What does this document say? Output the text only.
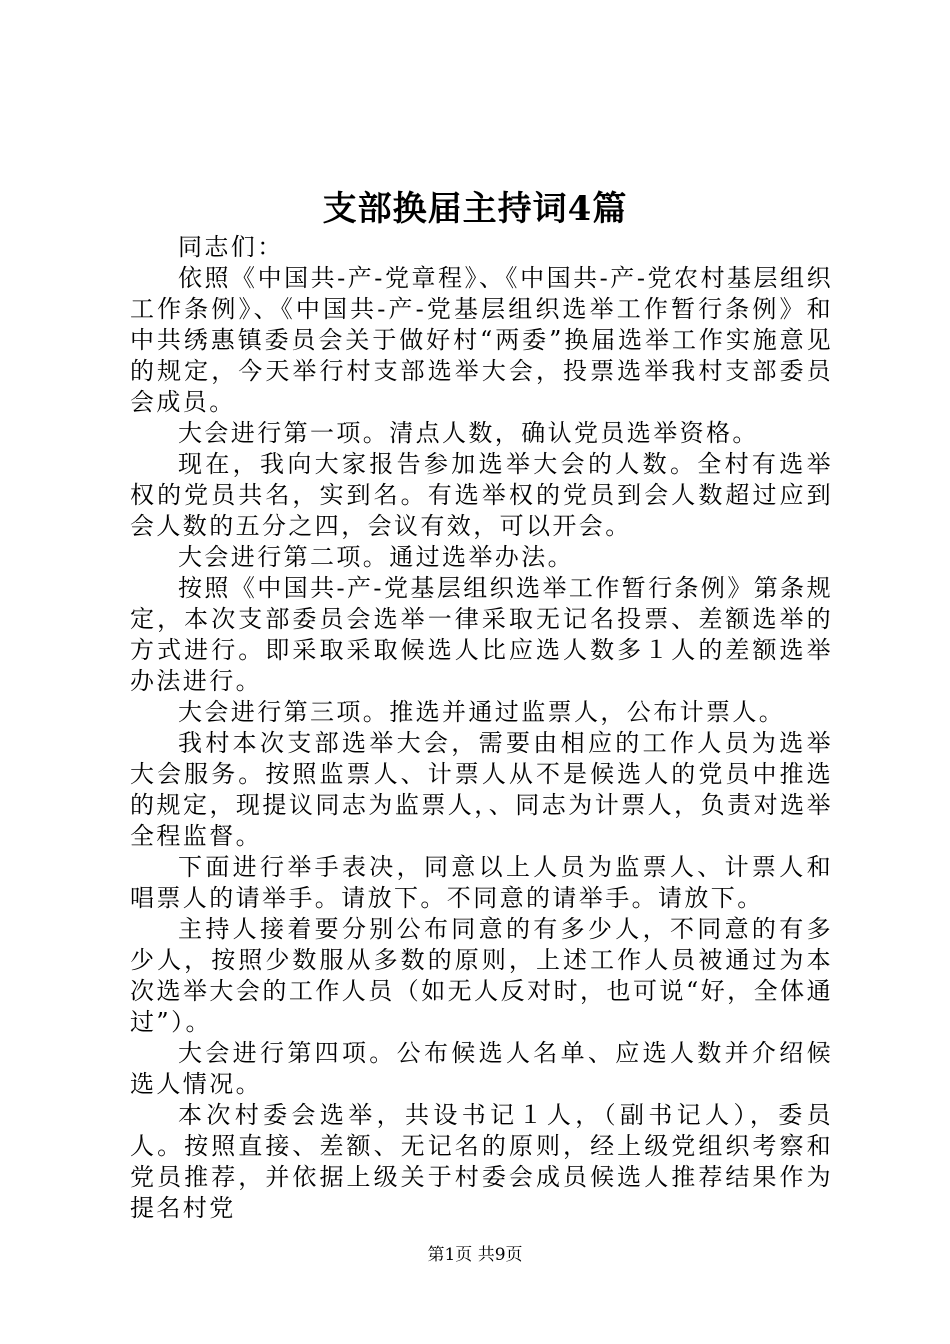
支部换届主持词4篇

同志们：

依照《中国共-产-党章程》、《中国共-产-党农村基层组织工作条例》、《中国共-产-党基层组织选举工作暂行条例》和中共绣惠镇委员会关于做好村“两委”换届选举工作实施意见的规定，今天举行村支部选举大会，投票选举我村支部委员会成员。

大会进行第一项。清点人数，确认党员选举资格。

现在，我向大家报告参加选举大会的人数。全村有选举权的党员共名，实到名。有选举权的党员到会人数超过应到会人数的五分之四，会议有效，可以开会。

大会进行第二项。通过选举办法。

按照《中国共-产-党基层组织选举工作暂行条例》第条规定，本次支部委员会选举一律采取无记名投票、差额选举的方式进行。即采取采取候选人比应选人数多１人的差额选举办法进行。

大会进行第三项。推选并通过监票人，公布计票人。

我村本次支部选举大会，需要由相应的工作人员为选举大会服务。按照监票人、计票人从不是候选人的党员中推选的规定，现提议同志为监票人，、同志为计票人，负责对选举全程监督。

下面进行举手表决，同意以上人员为监票人、计票人和唱票人的请举手。请放下。不同意的请举手。请放下。

主持人接着要分别公布同意的有多少人，不同意的有多少人，按照少数服从多数的原则，上述工作人员被通过为本次选举大会的工作人员（如无人反对时，也可说“好，全体通过”）。

大会进行第四项。公布候选人名单、应选人数并介绍候选人情况。

本次村委会选举，共设书记１人，（副书记人），委员人。按照直接、差额、无记名的原则，经上级党组织考察和党员推荐，并依据上级关于村委会成员候选人推荐结果作为提名村党

第1页 共9页
